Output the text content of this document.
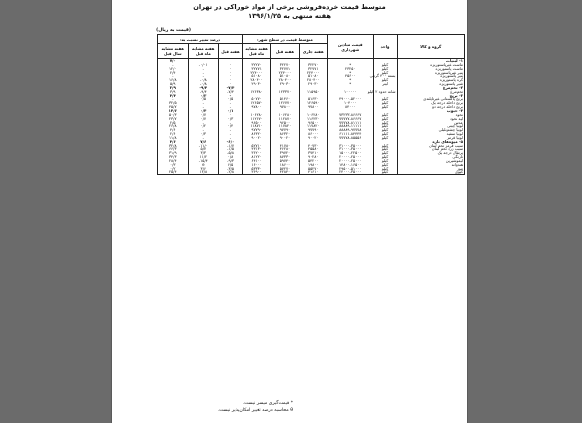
متوسط قیمت خرده‌فروشی برخی از مواد خوراکی در تهران
هفته منتهی به ۱۳۹۶/۱/۲۵
(قیمت به ریال)
گروه و کالا	واحد	قیمت مبادین شهرداری	متوسط قیمت در سطح شهر:			درصد تغییر نسبت به:		
			هفته جاری	هفته قبل	هفته مشابه ماه قبل	هفته قبل	هفته مشابه ماه قبل	هفته مشابه سال قبل
۱- لبنیات								۷/۰
ماست غیرپاستوریزه	کیلو	*	۳۲۲۷۰	۳۲۲۷۰	۳۲۲۷۰	۰	۰/۰۱-	-
ماست پاستوریزه	کیلو	۲۳۲۵۰	۳۲۷۷۱	۳۲۷۷۱	۳۲۷۷۱	۰	-	۱۲/۰
پنیر غیرپاستوریزه	کیلو	*	۲۲۴۰۰۰	۲۲۴۰۰۰	۲۲۴۰۰۰	۰	-	۲/۴
پنیر پاستوریزه	بسته ۴۰۰ گرمی	۴۵۶۰۰	۵۱۰۸۰	۵۱۰۸۰	۵۱۰۸۰	۰	-	-
کره پاستوریزه	کیلو	*	۲۸۰۴۰۰	۲۸۰۴۰۰	۲۸۰۴۰۰	۰	۰/۸-	۱۶/۸
شیر پاستوریزه	لیتر	*	۲۹۰۳۰	۲۹۰۳۰	۲۹۰۳۰	۰	۰/۸-	۵/۹
۲- تخم‌مرغ						۷/۴-	۹/۴-	۳/۹
تخم‌مرغ	شانه حدود ۲ کیلو	۱۰۰۰۰۰	۱۱۵۹۵۰	۱۲۳۳۷۰	۱۲۶۳۸۰	۷/۴-	۹/۴-	۳/۹
۳- برنج						-	۰/۳	۴/۴
برنج پاکستانی غیرتایلندی	کیلو	۴۹۰۰۰-۵۲۰۰۰	۵۱۶۳۰	۵۱۴۶۰	۵۰۷۷۰	۰/۵	۰/۵	-
برنج داخله درجه یک	کیلو	۱۰۴۰۰۰	۱۲۶۵۹۰	۱۲۶۷۷۰	۱۲۶۵۷۰	-	-	۳۲/۵
برنج داخله درجه دو	کیلو	۸۴۰۰۰	۹۷۸۰۰	۹۷۸۰۰	۹۷۸۰۰	-	-	۴۵/۷
۴- حبوب						۰/۱	۰/۴	۱۴/۶
نخود	کیلو	۷۳۲۳۳-۸۶۶۶۷	۱۰۶۲۸۰	۱۰۶۲۸۰	۱۰۶۲۸۰	۰	۰/۷	۵۰/۳
لپه نخود	کیلو	۷۷۷۷۷-۸۶۶۶۷	۱۱۶۲۳۰	۱۱۲۸۷۰	۱۱۲۶۷۰	۰/۳	۰/۷	۲۳/۷
عدس	کیلو	۷۷۷۷۸-۸۱۱۱۱	۹۶۵۰۰	۹۶۵۰۰	۹۶۵۰۰	-	-	۲/۵
لوبیا چیتی	کیلو	۸۸۸۸۹-۱۱۱۱۱	۱۱۷۸۲۰	۱۱۷۸۲۰	۱۱۸۷۱۰	۰/۴	۰/۲	۲۶/۸
لوبیا چشم‌بلبلی	کیلو	۸۸۸۸۹-۹۷۷۷۸	۹۷۷۹۰	۹۷۷۹۰	۹۷۷۹۰	-	-	۴/۶
لوبیا سفید	کیلو	۶۱۱۱۱-۸۴۴۴۴	۸۶۰۰۰	۸۶۳۲۰	۸۶۳۲۰	-	۰/۳	۲/۶
لوبیا قرمز	کیلو	۷۷۷۷۸-۸۵۵۵۶	۹۰۰۲۰	۹۰۰۲۰	۹۰۰۲۰	-	-	۱۱/۸
۵- میوه‌های تازه						۶/۰-	۷/۶	۴/۶
سیب قرمز تخم لبنان	کیلو	۳۱۰۰۰-۳۵۰۰۰	۴۰۷۳۰	۴۱۷۸۰	۵۲۷۱۰	۱/۷-	۱۱/۰-	۳۲/۸
سیب زرد تخم لبنان	کیلو	۳۱۰۰۰-۳۵۰۰۰	۴۵۵۸۰	۴۶۲۸۰	۴۳۱۳۰	۱/۵-	۵/۷	۶۶/۳
پرتقال درجه یک	کیلو	۱۵۰۰۰-۲۲۵۰۰	۳۷۴۱۰	۳۹۷۲۰	۳۶۲۰۰	۵/۸-	۳/۳	۳۱/۹
نارنگی	کیلو	۲۰۰۰۰-۲۵۰۰۰	۹۰۲۸۰	۸۷۳۳۰	۸۱۲۲۰	۰/۸	۱۱/۲	۳۴/۳
لیموشیرین	کیلو	۲۰۰۰۰-۲۵۰۰۰	۵۴۲۰۰	۵۹۷۴۰	۶۴۱۰۰	۹/۳-	۱۵/۴-	۲۸/۴
هندوانه	کیلو	۱۴۸۰۰-۱۶۵۰۰	۱۹۸۰۰	۱۸۶۰۰	۱۶۰۰۰	۶/۵	θ	۰/۳
موز	کیلو	۲۹۵۰۰-۵۱۰۰۰	۵۵۲۷۰	۵۷۲۷۰	۵۳۳۳۰	۳/۵-	۳/۶	۰/۲
کیوی	کیلو	۲۴۰۰۰-۳۵۰۰۰	۴۱۶۱۰	۴۲۸۴۰	۳۶۹۰۰	۲/۸-	۱۲/۸	۲۵/۴
* قیمت‌گیری میسر نیست.
θ محاسبه درصد تغییر امکان‌پذیر نیست.
